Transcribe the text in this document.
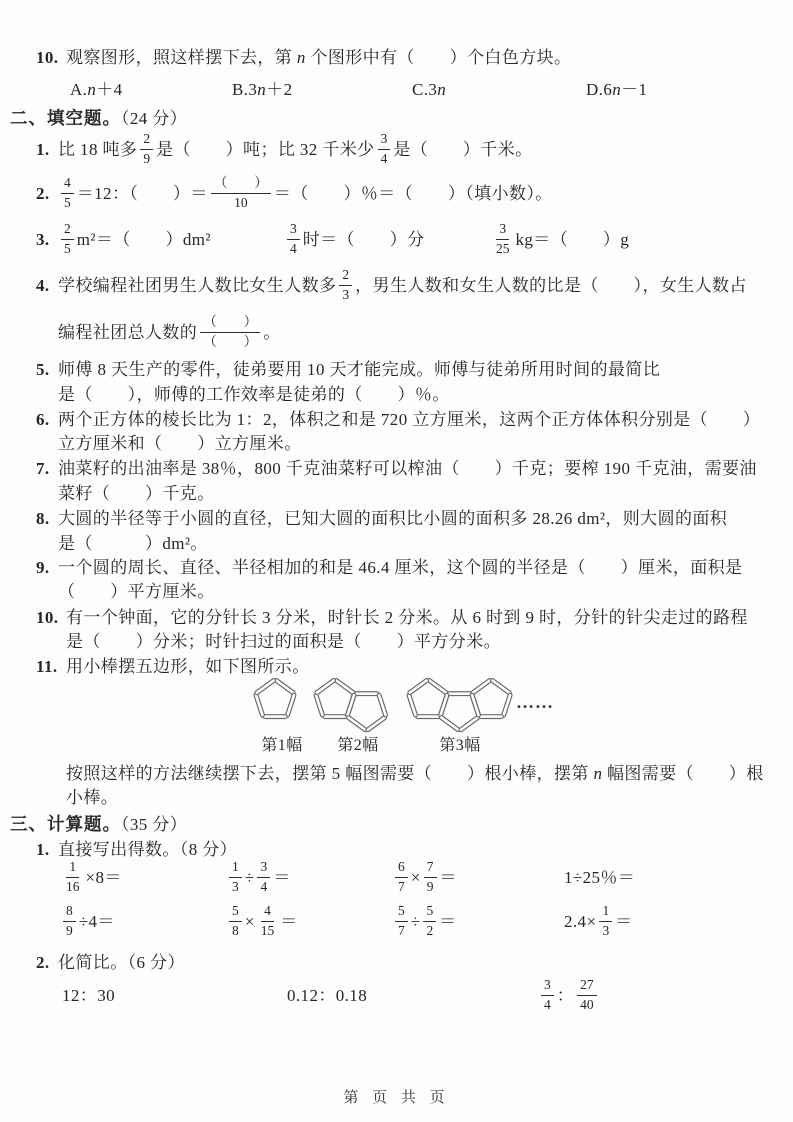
10. 观察图形，照这样摆下去，第 n 个图形中有（　　）个白色方块。
A.n＋4	B.3n＋2	C.3n	D.6n－1
二、填空题。（24 分）
1. 比 18 吨多 $\frac{2}{9}$ 是（　　）吨；比 32 千米少 $\frac{3}{4}$ 是（　　）千米。
2. $\frac{4}{5} =12$：（　　）＝ $\frac{( )}{10}$ ＝（　　）％＝（　　）（填小数）。
3. $\frac{2}{5} m^2=$（　　）dm²	$\frac{3}{4}$ 时＝（　　）分	$\frac{3}{25} kg=$（　　）g
4. 学校编程社团男生人数比女生人数多 $\frac{2}{3}$ ，男生人数和女生人数的比是（　　），女生人数占
编程社团总人数的 $\frac{( )}{( )}$ 。
5. 师傅 8 天生产的零件，徒弟要用 10 天才能完成。师傅与徒弟所用时间的最简比
是（　　），师傅的工作效率是徒弟的（　　）％。
6. 两个正方体的棱长比为 1：2，体积之和是 720 立方厘米，这两个正方体体积分别是（　　）
立方厘米和（　　）立方厘米。
7. 油菜籽的出油率是 38％，800 千克油菜籽可以榨油（　　）千克；要榨 190 千克油，需要油
菜籽（　　）千克。
8. 大圆的半径等于小圆的直径，已知大圆的面积比小圆的面积多 28.26 dm²，则大圆的面积
是（　　　）dm²。
9. 一个圆的周长、直径、半径相加的和是 46.4 厘米，这个圆的半径是（　　）厘米，面积是
（　　）平方厘米。
10. 有一个钟面，它的分针长 3 分米，时针长 2 分米。从 6 时到 9 时，分针的针尖走过的路程
是（　　）分米；时针扫过的面积是（　　）平方分米。
11. 用小棒摆五边形，如下图所示。
……
第1幅	第2幅	第3幅
按照这样的方法继续摆下去，摆第 5 幅图需要（　　）根小棒，摆第 n 幅图需要（　　）根
小棒。
三、计算题。（35 分）
1. 直接写出得数。（8 分）
$\frac{1}{16} \times 8=$	$\frac{1}{3} \div \frac{3}{4}$ ＝	$\frac{6}{7} \times \frac{7}{9}$ ＝	1÷25％＝
$\frac{8}{9} \div 4=$	$\frac{5}{8} \times \frac{4}{15}$ ＝	$\frac{5}{7} \div \frac{5}{2}$ ＝	$2.4\times \frac{1}{3}$ ＝
2. 化简比。（6 分）
12：30	0.12：0.18	$\frac{3}{4}$ ： $\frac{27}{40}$
第 页 共 页
